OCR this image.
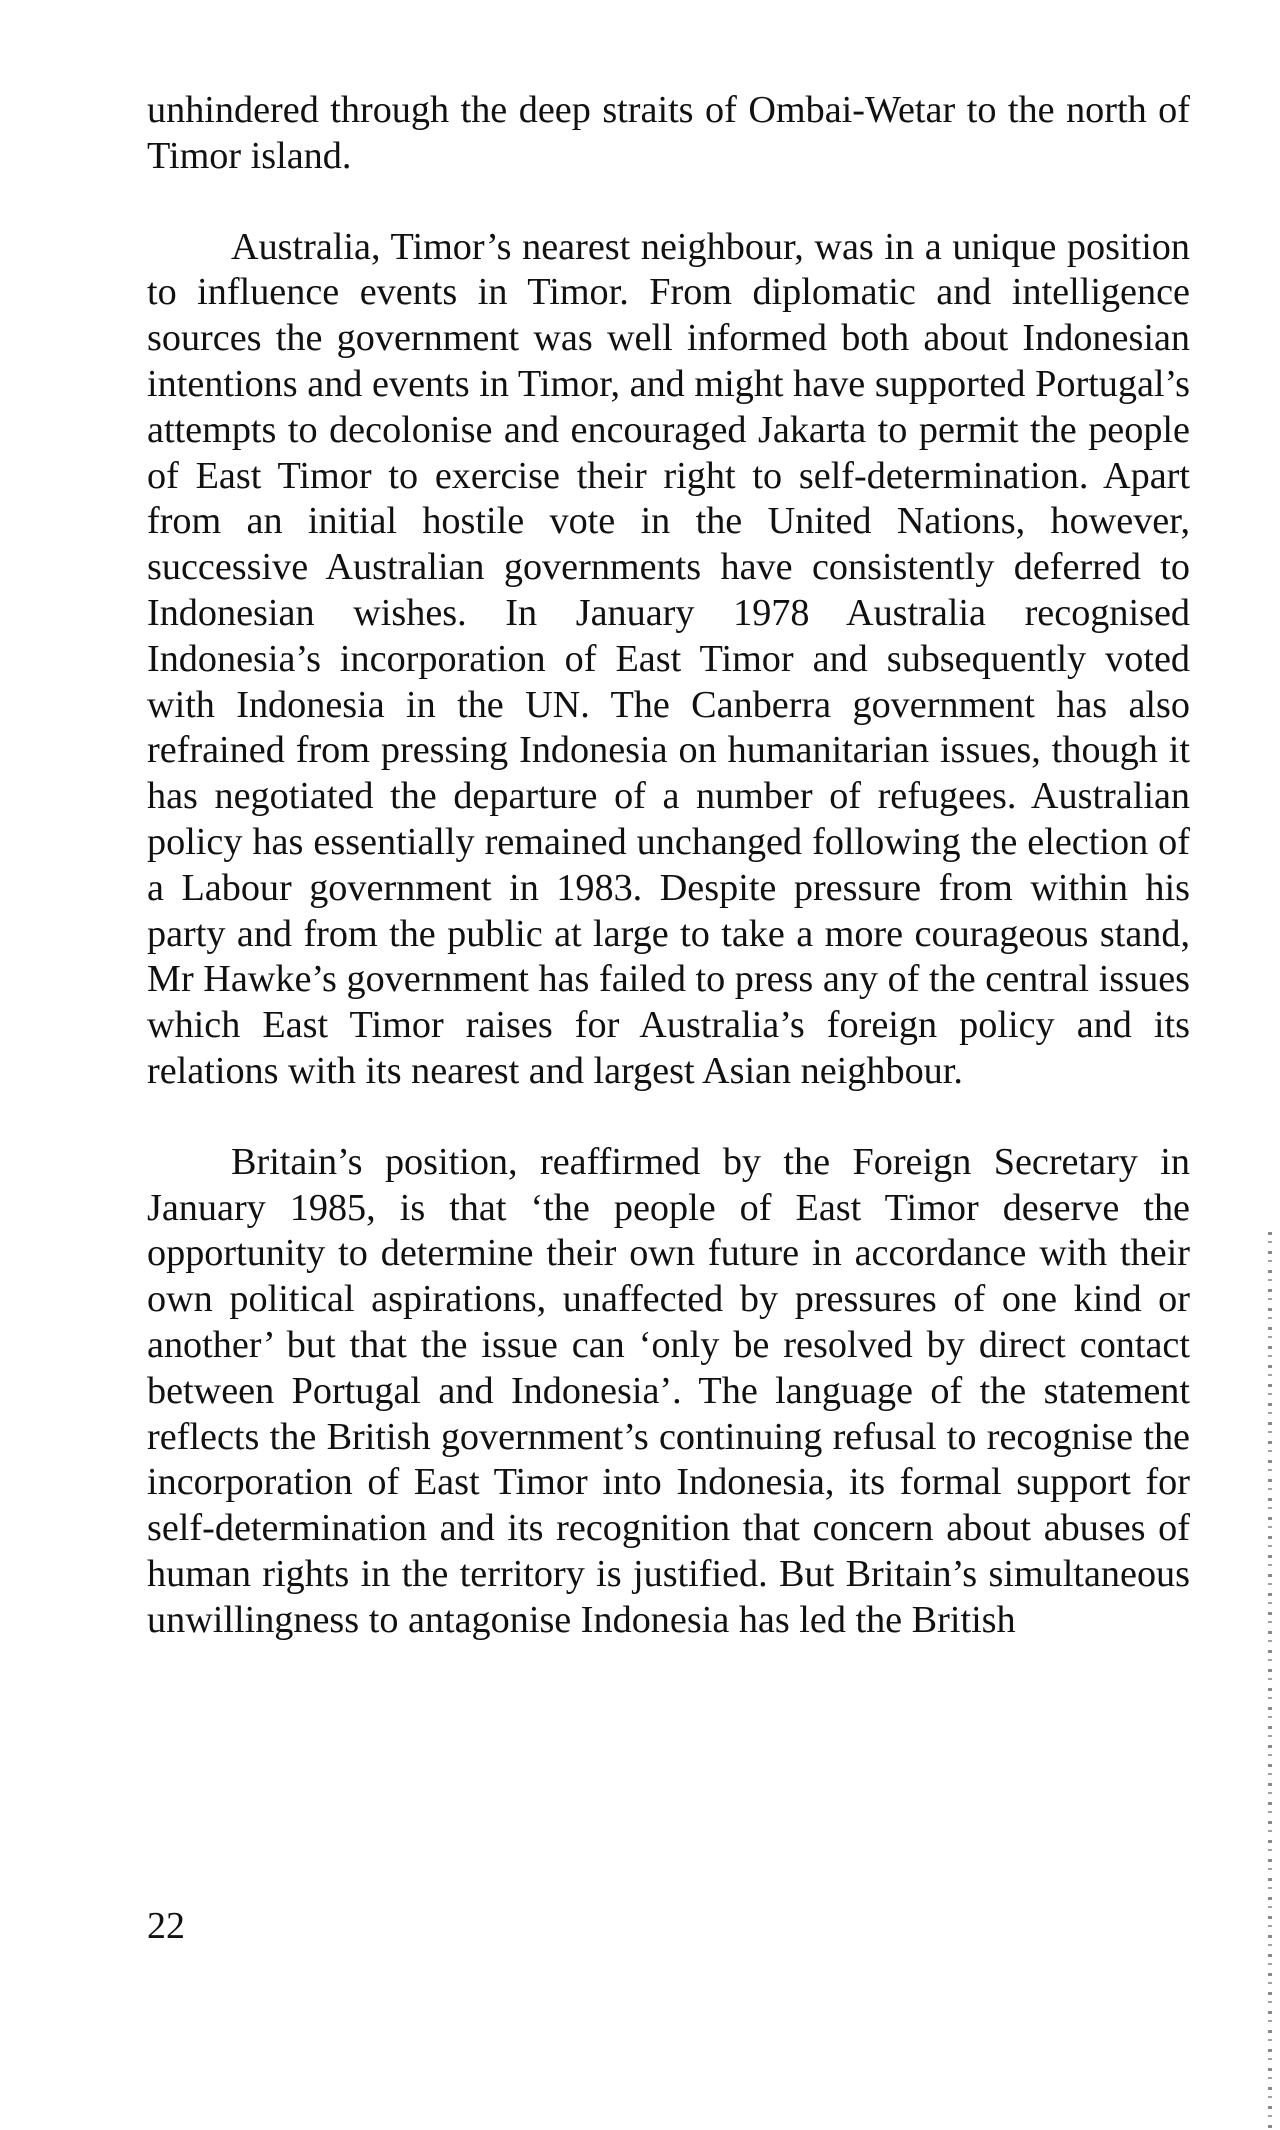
unhindered through the deep straits of Ombai-Wetar to the north of Timor island.

Australia, Timor’s nearest neighbour, was in a unique position to influence events in Timor. From diplomatic and intelligence sources the government was well informed both about Indonesian intentions and events in Timor, and might have supported Portugal’s attempts to decolonise and encouraged Jakarta to permit the people of East Timor to exercise their right to self-determination. Apart from an initial hostile vote in the United Nations, however, successive Australian governments have consistently deferred to Indonesian wishes. In January 1978 Australia recognised Indonesia’s incorporation of East Timor and subsequently voted with Indonesia in the UN. The Canberra government has also refrained from pressing Indonesia on humanitarian issues, though it has negotiated the departure of a number of refugees. Australian policy has essentially remained unchanged following the election of a Labour government in 1983. Despite pressure from within his party and from the public at large to take a more courageous stand, Mr Hawke’s government has failed to press any of the central issues which East Timor raises for Australia’s foreign policy and its relations with its nearest and largest Asian neighbour.

Britain’s position, reaffirmed by the Foreign Secretary in January 1985, is that ‘the people of East Timor deserve the opportunity to determine their own future in accordance with their own political aspirations, unaffected by pressures of one kind or another’ but that the issue can ‘only be resolved by direct contact between Portugal and Indonesia’. The language of the statement reflects the British government’s continuing refusal to recognise the incorporation of East Timor into Indonesia, its formal support for self-determination and its recognition that concern about abuses of human rights in the territory is justified. But Britain’s simultaneous unwillingness to antagonise Indonesia has led the British

22
